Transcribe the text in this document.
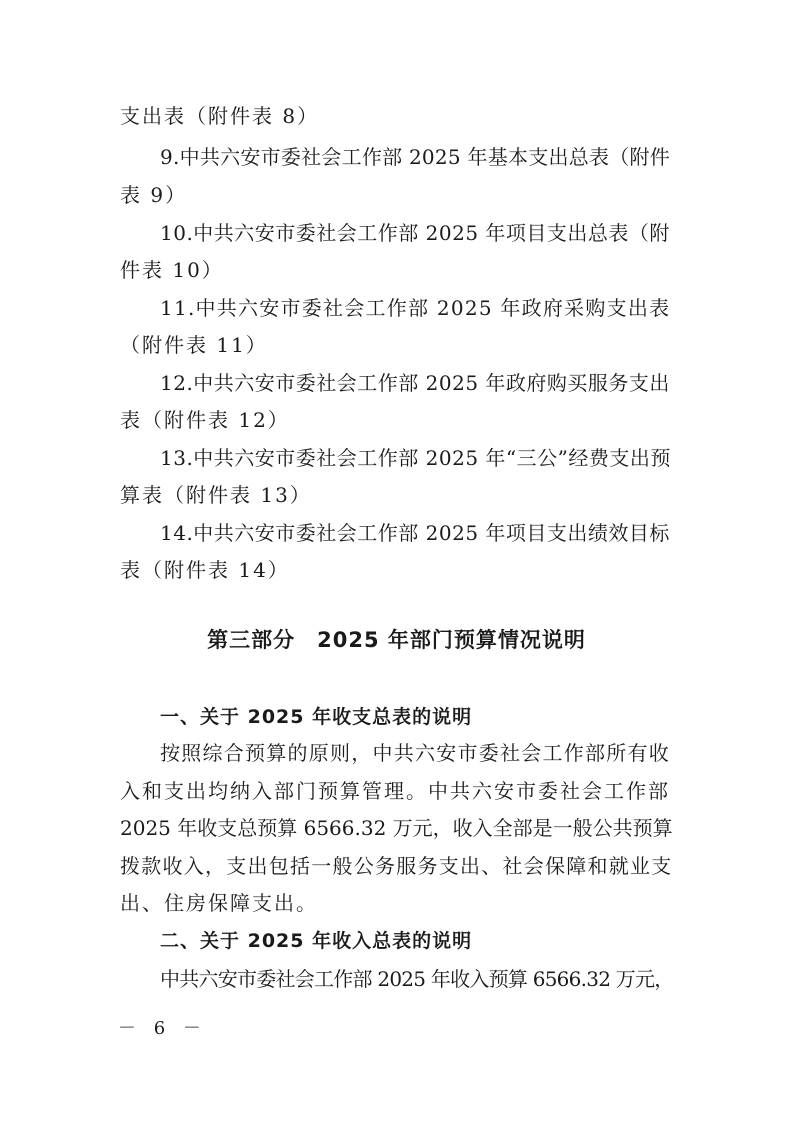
支出表（附件表 8）
9.中共六安市委社会工作部 2025 年基本支出总表（附件
表 9）
10.中共六安市委社会工作部 2025 年项目支出总表（附
件表 10）
11.中共六安市委社会工作部 2025 年政府采购支出表
（附件表 11）
12.中共六安市委社会工作部 2025 年政府购买服务支出
表（附件表 12）
13.中共六安市委社会工作部 2025 年“三公”经费支出预
算表（附件表 13）
14.中共六安市委社会工作部 2025 年项目支出绩效目标
表（附件表 14）
第三部分　2025 年部门预算情况说明
一、关于 2025 年收支总表的说明
按照综合预算的原则，中共六安市委社会工作部所有收
入和支出均纳入部门预算管理。中共六安市委社会工作部
2025 年收支总预算 6566.32 万元，收入全部是一般公共预算
拨款收入，支出包括一般公务服务支出、社会保障和就业支
出、住房保障支出。
二、关于 2025 年收入总表的说明
中共六安市委社会工作部 2025 年收入预算 6566.32 万元，
－ 6 －
